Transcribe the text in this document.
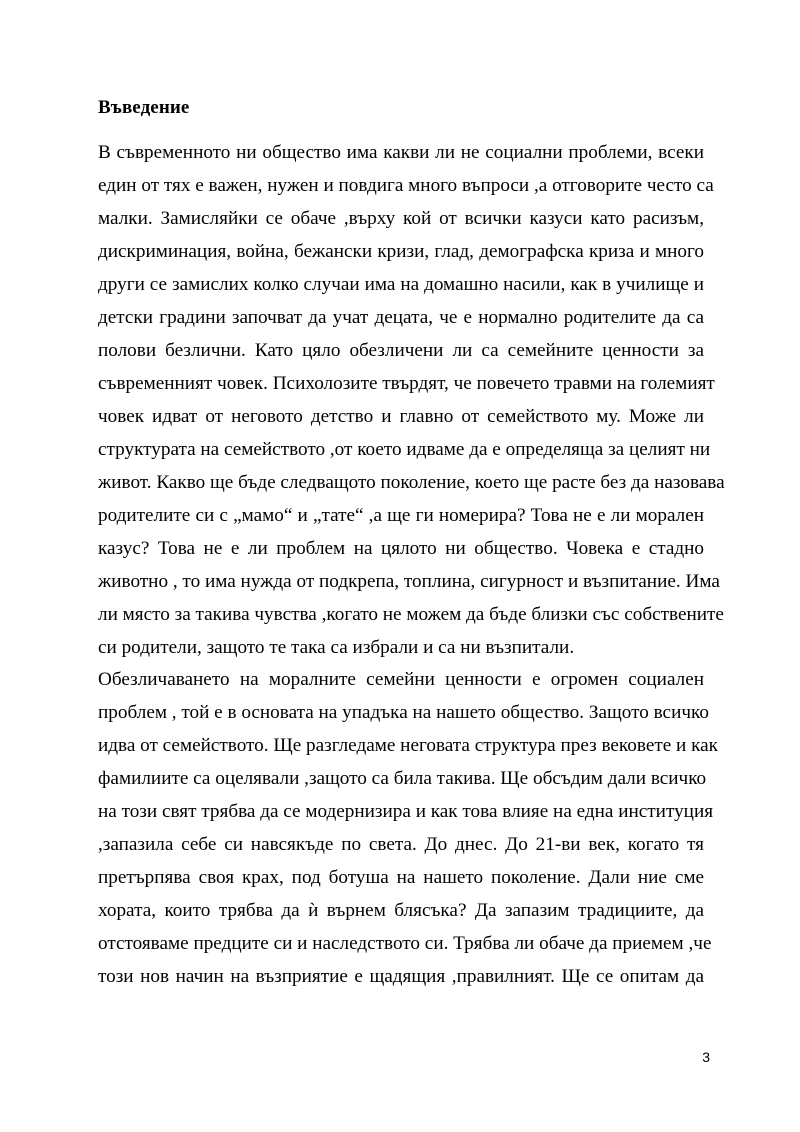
Въведение
В съвременното ни общество има какви ли не социални проблеми, всеки
един от тях е важен, нужен и повдига много въпроси ,а отговорите често са
малки. Замисляйки се обаче ,върху кой от всички казуси като расизъм,
дискриминация, война, бежански кризи, глад, демографска криза и много
други се замислих колко случаи има на домашно насили, как в училище и
детски градини започват да учат децата, че е нормално родителите да са
полови безлични. Като цяло обезличени ли са семейните ценности за
съвременният човек. Психолозите твърдят, че повечето травми на големият
човек идват от неговото детство и главно от семейството му. Може ли
структурата на семейството ,от което идваме да е определяща за целият ни
живот. Какво ще бъде следващото поколение, което ще расте без да назовава
родителите си с „мамо“ и „тате“ ,а ще ги номерира? Това не е ли морален
казус? Това не е ли проблем на цялото ни общество. Човека е стадно
животно , то има нужда от подкрепа, топлина, сигурност и възпитание. Има
ли място за такива чувства ,когато не можем да бъде близки със собствените
си родители, защото те така са избрали и са ни възпитали.
Обезличаването на моралните семейни ценности е огромен социален
проблем , той е в основата на упадъка на нашето общество. Защото всичко
идва от семейството. Ще разгледаме неговата структура през вековете и как
фамилиите са оцелявали ,защото са била такива. Ще обсъдим дали всичко
на този свят трябва да се модернизира и как това влияе на една институция
,запазила себе си навсякъде по света. До днес. До 21-ви век, когато тя
претърпява своя крах, под ботуша на нашето поколение. Дали ние сме
хората, които трябва да ѝ върнем блясъка? Да запазим традициите, да
отстояваме предците си и наследството си. Трябва ли обаче да приемем ,че
този нов начин на възприятие е щадящия ,правилният. Ще се опитам да
3
